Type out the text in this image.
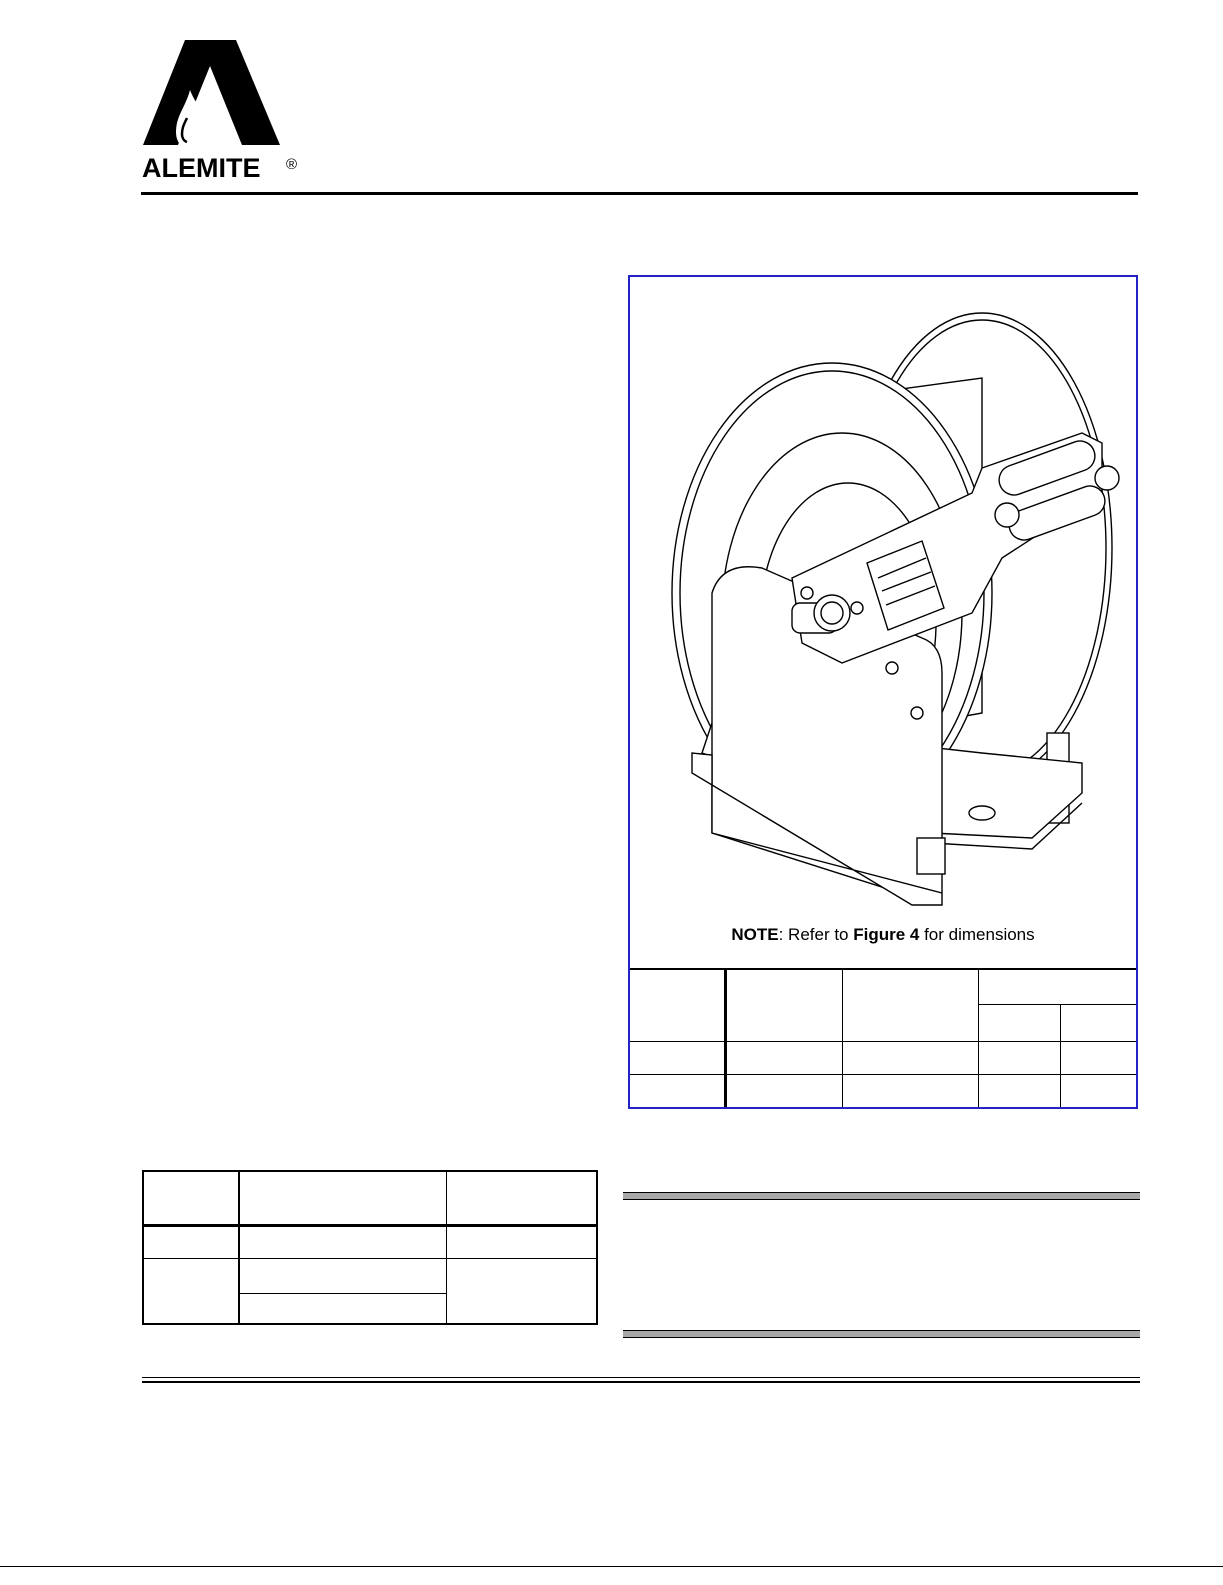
ALEMITE ®
NOTE: Refer to Figure 4 for dimensions
